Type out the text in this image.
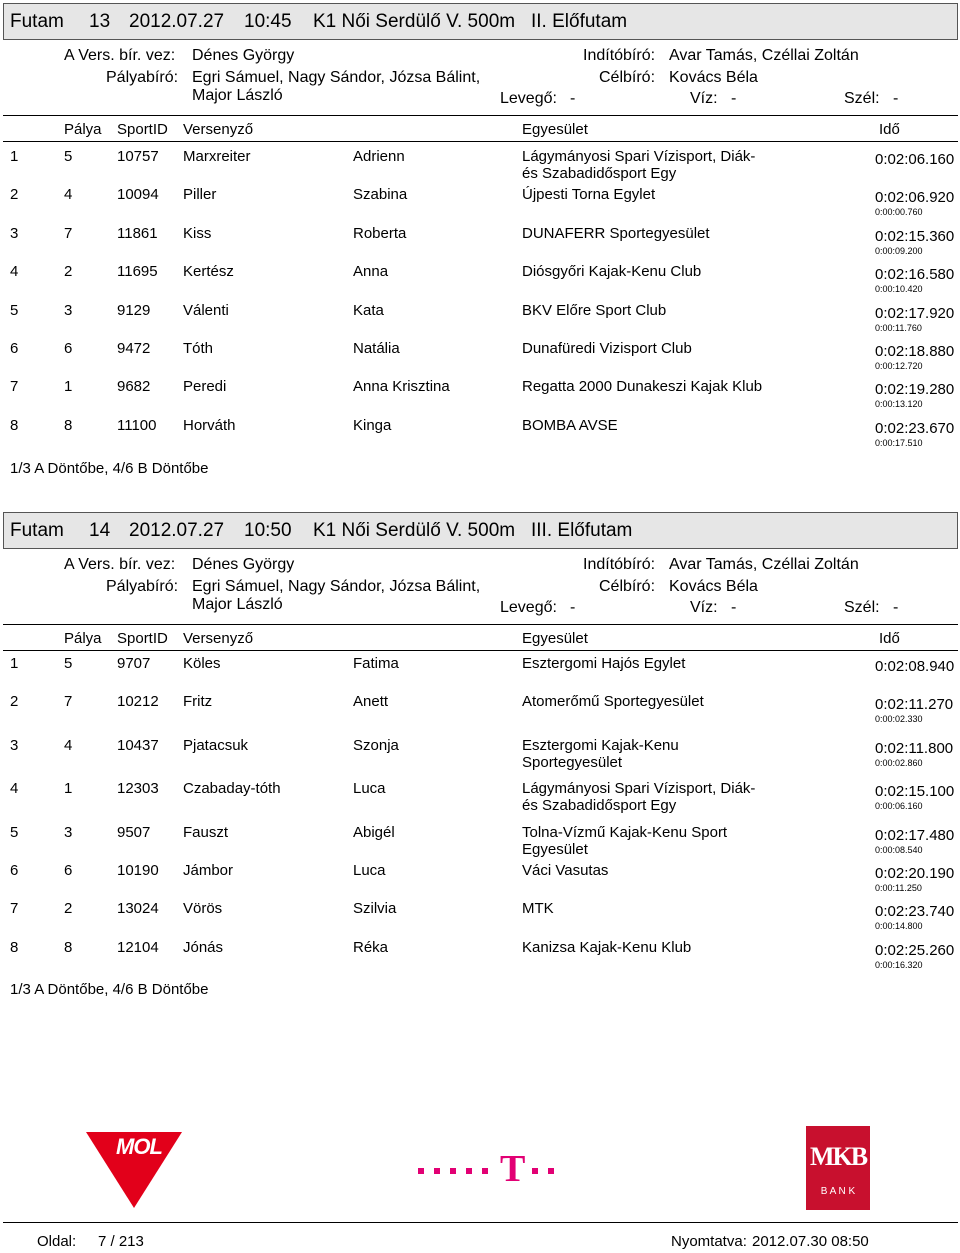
Futam 13 2012.07.27 10:45 K1 Női Serdülő V. 500m II. Előfutam
A Vers. bír. vez: Dénes György	Indítóbíró: Avar Tamás, Czéllai Zoltán
Pályabíró: Egri Sámuel, Nagy Sándor, Józsa Bálint,	Célbíró: Kovács Béla
Major László	Levegő: -	Víz: -	Szél: -
Pálya SportID Versenyző	Egyesület	Idő
1	5	10757 Marxreiter	Adrienn	Lágymányosi Spari Vízisport, Diák-
és Szabadidősport Egy
0:02:06.160
2	4	10094 Piller	Szabina	Újpesti Torna Egylet	0:02:06.920
0:00:00.760
3	7	11861 Kiss	Roberta	DUNAFERR Sportegyesület	0:02:15.360
0:00:09.200
4	2	11695 Kertész	Anna	Diósgyőri Kajak-Kenu Club	0:02:16.580
0:00:10.420
5	3	9129 Válenti	Kata	BKV Előre Sport Club	0:02:17.920
0:00:11.760
6	6	9472 Tóth	Natália	Dunafüredi Vizisport Club	0:02:18.880
0:00:12.720
7	1	9682 Peredi	Anna Krisztina	Regatta 2000 Dunakeszi Kajak Klub	0:02:19.280
0:00:13.120
8	8	11100 Horváth	Kinga	BOMBA AVSE	0:02:23.670
0:00:17.510
1/3 A Döntőbe, 4/6 B Döntőbe
Futam 14 2012.07.27 10:50 K1 Női Serdülő V. 500m III. Előfutam
A Vers. bír. vez: Dénes György	Indítóbíró: Avar Tamás, Czéllai Zoltán
Pályabíró: Egri Sámuel, Nagy Sándor, Józsa Bálint,	Célbíró: Kovács Béla
Major László	Levegő: -	Víz: -	Szél: -
Pálya SportID Versenyző	Egyesület	Idő
1	5	9707 Köles	Fatima	Esztergomi Hajós Egylet	0:02:08.940
2	7	10212 Fritz	Anett	Atomerőmű Sportegyesület	0:02:11.270
0:00:02.330
3	4	10437 Pjatacsuk	Szonja	Esztergomi Kajak-Kenu
Sportegyesület
0:02:11.800
0:00:02.860
4	1	12303 Czabaday-tóth	Luca	Lágymányosi Spari Vízisport, Diák-
és Szabadidősport Egy
0:02:15.100
0:00:06.160
5	3	9507 Fauszt	Abigél	Tolna-Vízmű Kajak-Kenu Sport
Egyesület
0:02:17.480
0:00:08.540
6	6	10190 Jámbor	Luca	Váci Vasutas	0:02:20.190
0:00:11.250
7	2	13024 Vörös	Szilvia	MTK	0:02:23.740
0:00:14.800
8	8	12104 Jónás	Réka	Kanizsa Kajak-Kenu Klub	0:02:25.260
0:00:16.320
1/3 A Döntőbe, 4/6 B Döntőbe
MOL
T	MKB
B A N K
Oldal: 7 / 213	Nyomtatva: 2012.07.30 08:50
